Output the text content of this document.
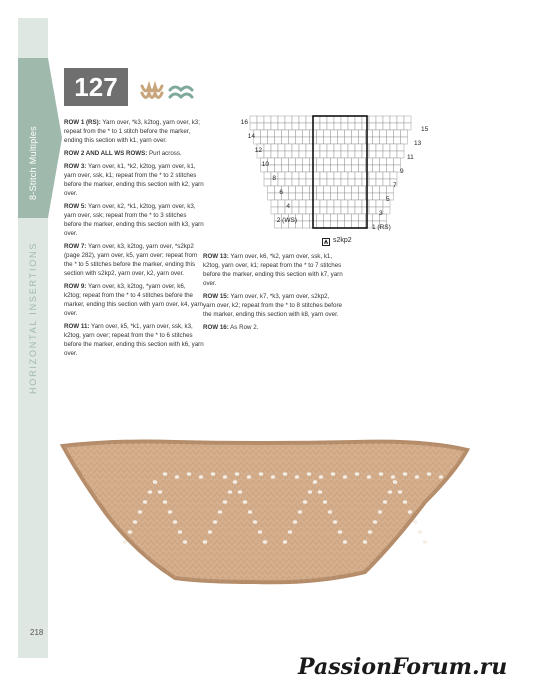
8-Stitch Multiples
HORIZONTAL INSERTIONS
127

ROW 1 (RS): Yarn over, *k3, k2tog, yarn over, k3; repeat from the * to 1 stitch before the marker, ending this section with k1, yarn over.

ROW 2 AND ALL WS ROWS: Purl across.

ROW 3: Yarn over, k1, *k2, k2tog, yarn over, k1, yarn over, ssk, k1; repeat from the * to 2 stitches before the marker, ending this section with k2, yarn over.

ROW 5: Yarn over, k2, *k1, k2tog, yarn over, k3, yarn over, ssk; repeat from the * to 3 stitches before the marker, ending this section with k3, yarn over.

ROW 7: Yarn over, k3, k2tog, yarn over, *s2kp2 (page 282), yarn over, k5, yarn over; repeat from the * to 5 stitches before the marker, ending this section with s2kp2, yarn over, k2, yarn over.

ROW 9: Yarn over, k3, k2tog, *yarn over, k6, k2tog; repeat from the * to 4 stitches before the marker, ending this section with yarn over, k4, yarn over.

ROW 11: Yarn over, k5, *k1, yarn over, ssk, k3, k2tog, yarn over; repeat from the * to 6 stitches before the marker, ending this section with k6, yarn over.

ROW 13: Yarn over, k6, *k2, yarn over, ssk, k1, k2tog, yarn over, k1; repeat from the * to 7 stitches before the marker, ending this section with k7, yarn over.

ROW 15: Yarn over, k7, *k3, yarn over, s2kp2, yarn over, k2; repeat from the * to 8 stitches before the marker, ending this section with k8, yarn over.

ROW 16: As Row 2.

16
14
12
10
8
6
4
2 (WS)
15
13
11
9
7
5
3
1 (RS)
s2kp2
218
PassionForum.ru
